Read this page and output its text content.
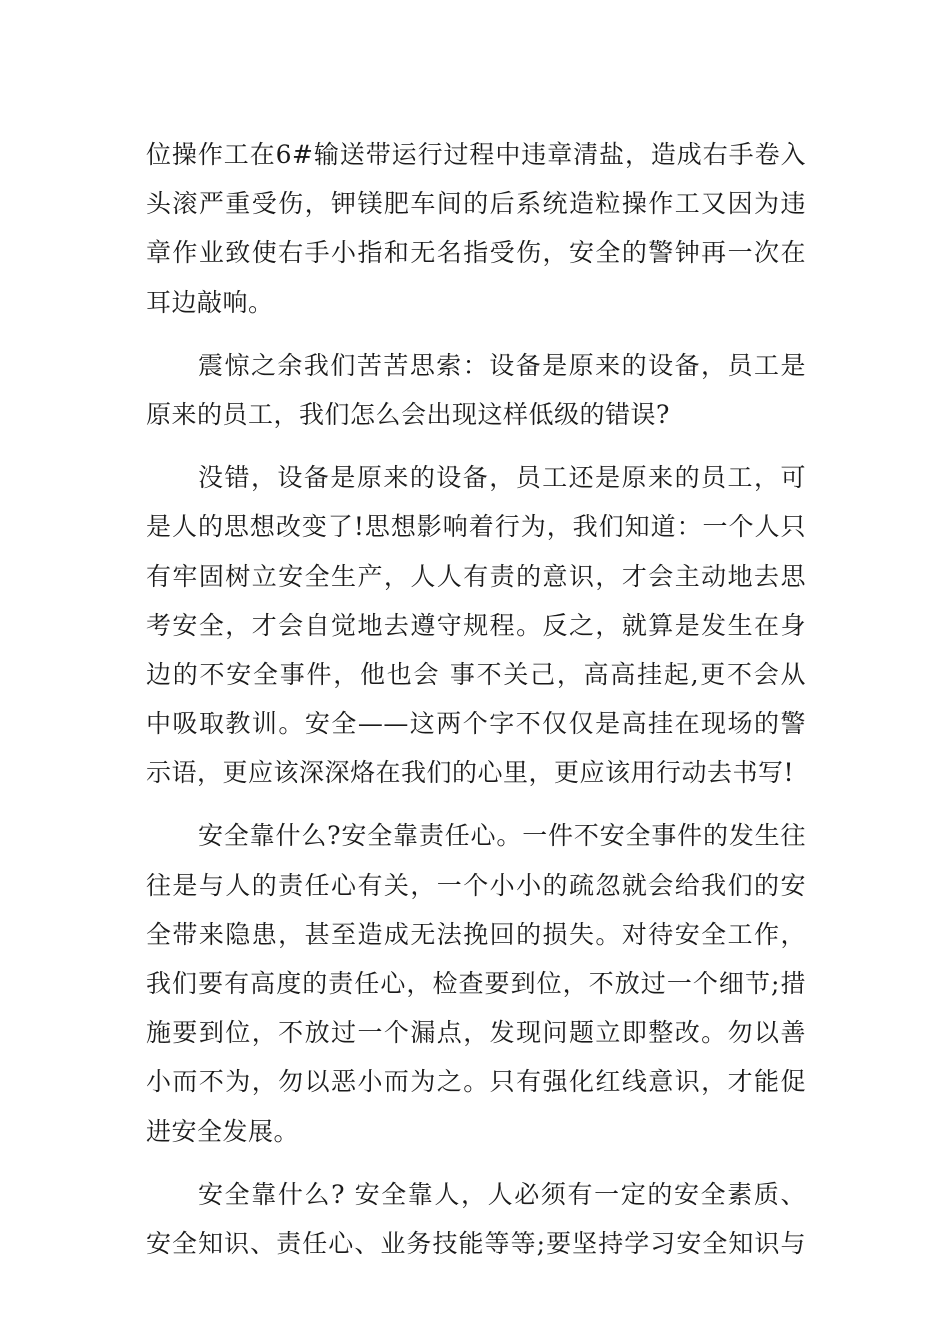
位操作工在6#输送带运行过程中违章清盐，造成右手卷入
头滚严重受伤，钾镁肥车间的后系统造粒操作工又因为违
章作业致使右手小指和无名指受伤，安全的警钟再一次在
耳边敲响。
震惊之余我们苦苦思索：设备是原来的设备，员工是
原来的员工，我们怎么会出现这样低级的错误?
没错，设备是原来的设备，员工还是原来的员工，可
是人的思想改变了!思想影响着行为，我们知道：一个人只
有牢固树立安全生产，人人有责的意识，才会主动地去思
考安全，才会自觉地去遵守规程。反之，就算是发生在身
边的不安全事件，他也会 事不关己，高高挂起,更不会从
中吸取教训。安全——这两个字不仅仅是高挂在现场的警
示语，更应该深深烙在我们的心里，更应该用行动去书写!
安全靠什么?安全靠责任心。一件不安全事件的发生往
往是与人的责任心有关，一个小小的疏忽就会给我们的安
全带来隐患，甚至造成无法挽回的损失。对待安全工作，
我们要有高度的责任心，检查要到位，不放过一个细节;措
施要到位，不放过一个漏点，发现问题立即整改。勿以善
小而不为，勿以恶小而为之。只有强化红线意识，才能促
进安全发展。
安全靠什么? 安全靠人，人必须有一定的安全素质、
安全知识、责任心、业务技能等等;要坚持学习安全知识与
